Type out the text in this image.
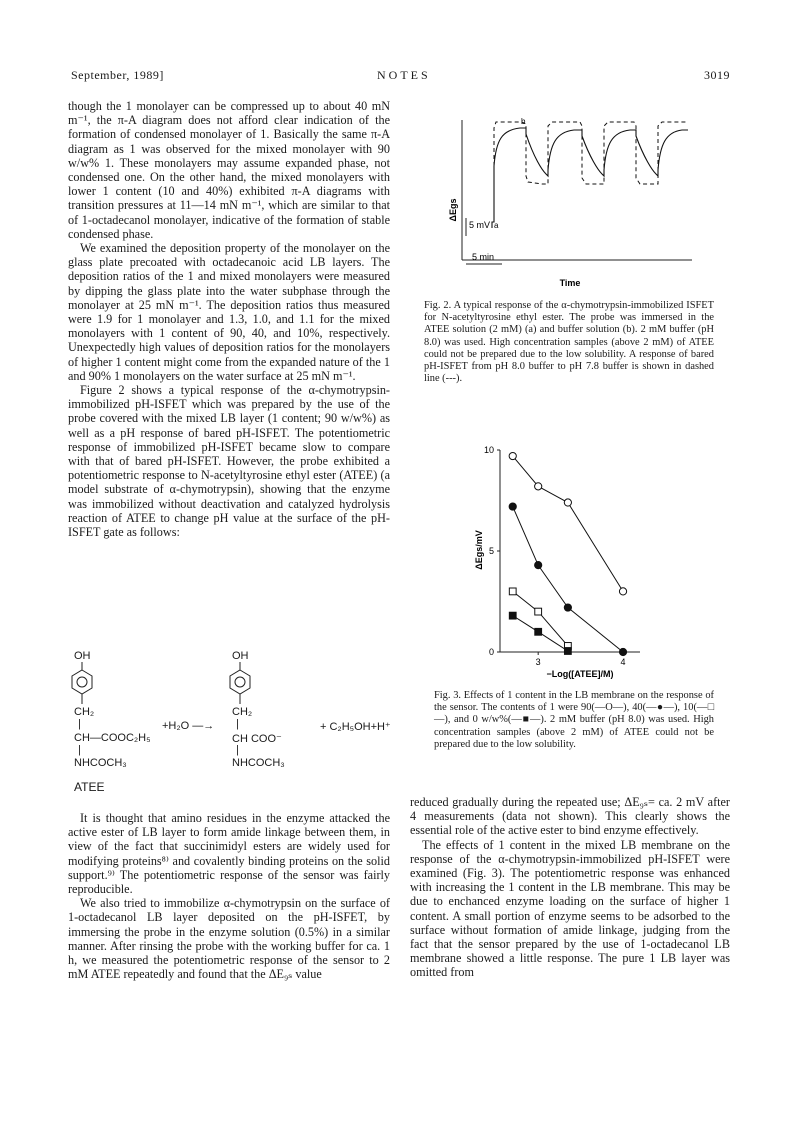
September, 1989]	NOTES	3019

though the 1 monolayer can be compressed up to about 40 mN m⁻¹, the π-A diagram does not afford clear indication of the formation of condensed monolayer of 1. Basically the same π-A diagram as 1 was observed for the mixed monolayer with 90 w/w% 1. These monolayers may assume expanded phase, not condensed one. On the other hand, the mixed monolayers with lower 1 content (10 and 40%) exhibited π-A diagrams with transition pressures at 11—14 mN m⁻¹, which are similar to that of 1-octadecanol monolayer, indicative of the formation of stable condensed phase.

We examined the deposition property of the monolayer on the glass plate precoated with octadecanoic acid LB layers. The deposition ratios of the 1 and mixed monolayers were measured by dipping the glass plate into the water subphase through the monolayer at 25 mN m⁻¹. The deposition ratios thus measured were 1.9 for 1 monolayer and 1.3, 1.0, and 1.1 for the mixed monolayers with 1 content of 90, 40, and 10%, respectively. Unexpectedly high values of deposition ratios for the monolayers of higher 1 content might come from the expanded nature of the 1 and 90% 1 monolayers on the water surface at 25 mN m⁻¹.

Figure 2 shows a typical response of the α-chymotrypsin-immobilized pH-ISFET which was prepared by the use of the probe covered with the mixed LB layer (1 content; 90 w/w%) as well as a pH response of bared pH-ISFET. The potentiometric response of immobilized pH-ISFET became slow to compare with that of bared pH-ISFET. However, the probe exhibited a potentiometric response to N-acetyltyrosine ethyl ester (ATEE) (a model substrate of α-chymotrypsin), showing that the enzyme was immobilized without deactivation and catalyzed hydrolysis reaction of ATEE to change pH value at the surface of the pH-ISFET gate as follows:

OH	OH
CH₂	CH₂
+H₂O —→	+ C₂H₅OH+H⁺
|	|
CH—COOC₂H₅	CH COO⁻
|	|
NHCOCH₃	NHCOCH₃
ATEE

It is thought that amino residues in the enzyme attacked the active ester of LB layer to form amide linkage between them, in view of the fact that succinimidyl esters are widely used for modifying proteins⁸⁾ and covalently binding proteins on the solid support.⁹⁾ The potentiometric response of the sensor was fairly reproducible.

We also tried to immobilize α-chymotrypsin on the surface of 1-octadecanol LB layer deposited on the pH-ISFET, by immersing the probe in the enzyme solution (0.5%) in a similar manner. After rinsing the probe with the working buffer for ca. 1 h, we measured the potentiometric response of the sensor to 2 mM ATEE repeatedly and found that the ΔE₉ₛ value

ΔEgs
5 mV
5 min
Time
a
b

Fig. 2. A typical response of the α-chymotrypsin-immobilized ISFET for N-acetyltyrosine ethyl ester. The probe was immersed in the ATEE solution (2 mM) (a) and buffer solution (b). 2 mM buffer (pH 8.0) was used. High concentration samples (above 2 mM) of ATEE could not be prepared due to the low solubility. A response of bared pH-ISFET from pH 8.0 buffer to pH 7.8 buffer is shown in dashed line (---).

0
5
10
3	4
ΔEgs/mV
−Log([ATEE]/M)

Fig. 3. Effects of 1 content in the LB membrane on the response of the sensor. The contents of 1 were 90(—O—), 40(—●—), 10(—□—), and 0 w/w%(—■—). 2 mM buffer (pH 8.0) was used. High concentration samples (above 2 mM) of ATEE could not be prepared due to the low solubility.

reduced gradually during the repeated use; ΔE₉ₛ= ca. 2 mV after 4 measurements (data not shown). This clearly shows the essential role of the active ester to bind enzyme effectively.

The effects of 1 content in the mixed LB membrane on the response of the α-chymotrypsin-immobilized pH-ISFET were examined (Fig. 3). The potentiometric response was enhanced with increasing the 1 content in the LB membrane. This may be due to enchanced enzyme loading on the surface of higher 1 content. A small portion of enzyme seems to be adsorbed to the surface without formation of amide linkage, judging from the fact that the sensor prepared by the use of 1-octadecanol LB membrane showed a little response. The pure 1 LB layer was omitted from
